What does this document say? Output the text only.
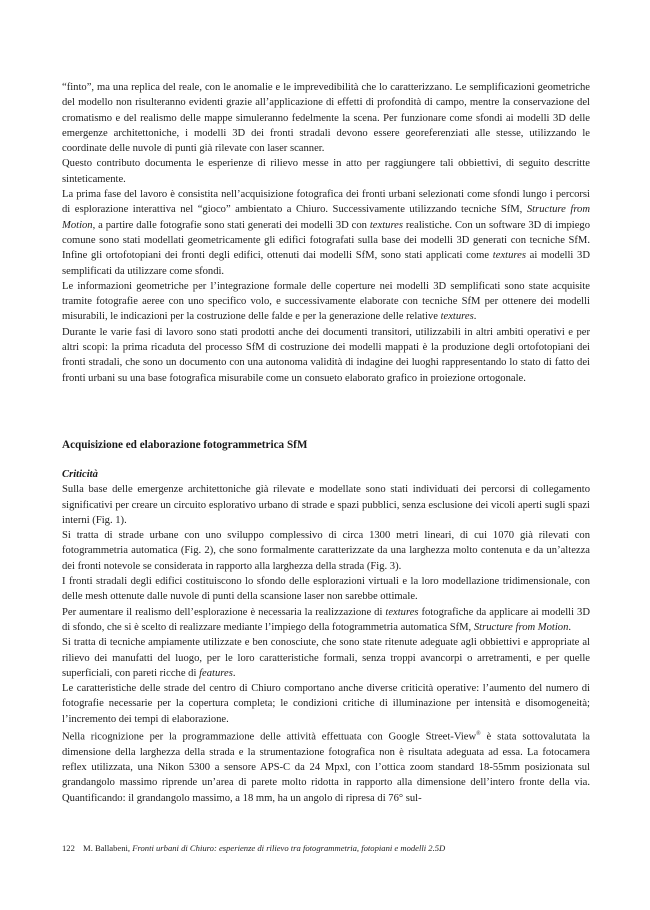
“finto”, ma una replica del reale, con le anomalie e le imprevedibilità che lo caratterizzano. Le semplificazioni geometriche del modello non risulteranno evidenti grazie all’applicazione di effetti di profondità di campo, mentre la conservazione del cromatismo e del realismo delle mappe simuleranno fedelmente la scena. Per funzionare come sfondi ai modelli 3D delle emergenze architettoniche, i modelli 3D dei fronti stradali devono essere georeferenziati alle stesse, utilizzando le coordinate delle nuvole di punti già rilevate con laser scanner.

Questo contributo documenta le esperienze di rilievo messe in atto per raggiungere tali obbiettivi, di seguito descritte sinteticamente.

La prima fase del lavoro è consistita nell’acquisizione fotografica dei fronti urbani selezionati come sfondi lungo i percorsi di esplorazione interattiva nel “gioco” ambientato a Chiuro. Successivamente utilizzando tecniche SfM, Structure from Motion, a partire dalle fotografie sono stati generati dei modelli 3D con textures realistiche. Con un software 3D di impiego comune sono stati modellati geometricamente gli edifici fotografati sulla base dei modelli 3D generati con tecniche SfM. Infine gli ortofotopiani dei fronti degli edifici, ottenuti dai modelli SfM, sono stati applicati come textures ai modelli 3D semplificati da utilizzare come sfondi.

Le informazioni geometriche per l’integrazione formale delle coperture nei modelli 3D semplificati sono state acquisite tramite fotografie aeree con uno specifico volo, e successivamente elaborate con tecniche SfM per ottenere dei modelli misurabili, le indicazioni per la costruzione delle falde e per la generazione delle relative textures.

Durante le varie fasi di lavoro sono stati prodotti anche dei documenti transitori, utilizzabili in altri ambiti operativi e per altri scopi: la prima ricaduta del processo SfM di costruzione dei modelli mappati è la produzione degli ortofotopiani dei fronti stradali, che sono un documento con una autonoma validità di indagine dei luoghi rappresentando lo stato di fatto dei fronti urbani su una base fotografica misurabile come un consueto elaborato grafico in proiezione ortogonale.

Acquisizione ed elaborazione fotogrammetrica SfM

Criticità

Sulla base delle emergenze architettoniche già rilevate e modellate sono stati individuati dei percorsi di collegamento significativi per creare un circuito esplorativo urbano di strade e spazi pubblici, senza esclusione dei vicoli aperti sugli spazi interni (Fig. 1).

Si tratta di strade urbane con uno sviluppo complessivo di circa 1300 metri lineari, di cui 1070 già rilevati con fotogrammetria automatica (Fig. 2), che sono formalmente caratterizzate da una larghezza molto contenuta e da un’altezza dei fronti notevole se considerata in rapporto alla larghezza della strada (Fig. 3).

I fronti stradali degli edifici costituiscono lo sfondo delle esplorazioni virtuali e la loro modellazione tridimensionale, con delle mesh ottenute dalle nuvole di punti della scansione laser non sarebbe ottimale.

Per aumentare il realismo dell’esplorazione è necessaria la realizzazione di textures fotografiche da applicare ai modelli 3D di sfondo, che si è scelto di realizzare mediante l’impiego della fotogrammetria automatica SfM, Structure from Motion.

Si tratta di tecniche ampiamente utilizzate e ben conosciute, che sono state ritenute adeguate agli obbiettivi e appropriate al rilievo dei manufatti del luogo, per le loro caratteristiche formali, senza troppi avancorpi o arretramenti, e per quelle superficiali, con pareti ricche di features.

Le caratteristiche delle strade del centro di Chiuro comportano anche diverse criticità operative: l’aumento del numero di fotografie necessarie per la copertura completa; le condizioni critiche di illuminazione per intensità e disomogeneità; l’incremento dei tempi di elaborazione.

Nella ricognizione per la programmazione delle attività effettuata con Google Street-View® è stata sottovalutata la dimensione della larghezza della strada e la strumentazione fotografica non è risultata adeguata ad essa. La fotocamera reflex utilizzata, una Nikon 5300 a sensore APS-C da 24 Mpxl, con l’ottica zoom standard 18-55mm posizionata sul grandangolo massimo riprende un’area di parete molto ridotta in rapporto alla dimensione dell’intero fronte della via. Quantificando: il grandangolo massimo, a 18 mm, ha un angolo di ripresa di 76° sul-

122 M. Ballabeni, Fronti urbani di Chiuro: esperienze di rilievo tra fotogrammetria, fotopiani e modelli 2.5D
